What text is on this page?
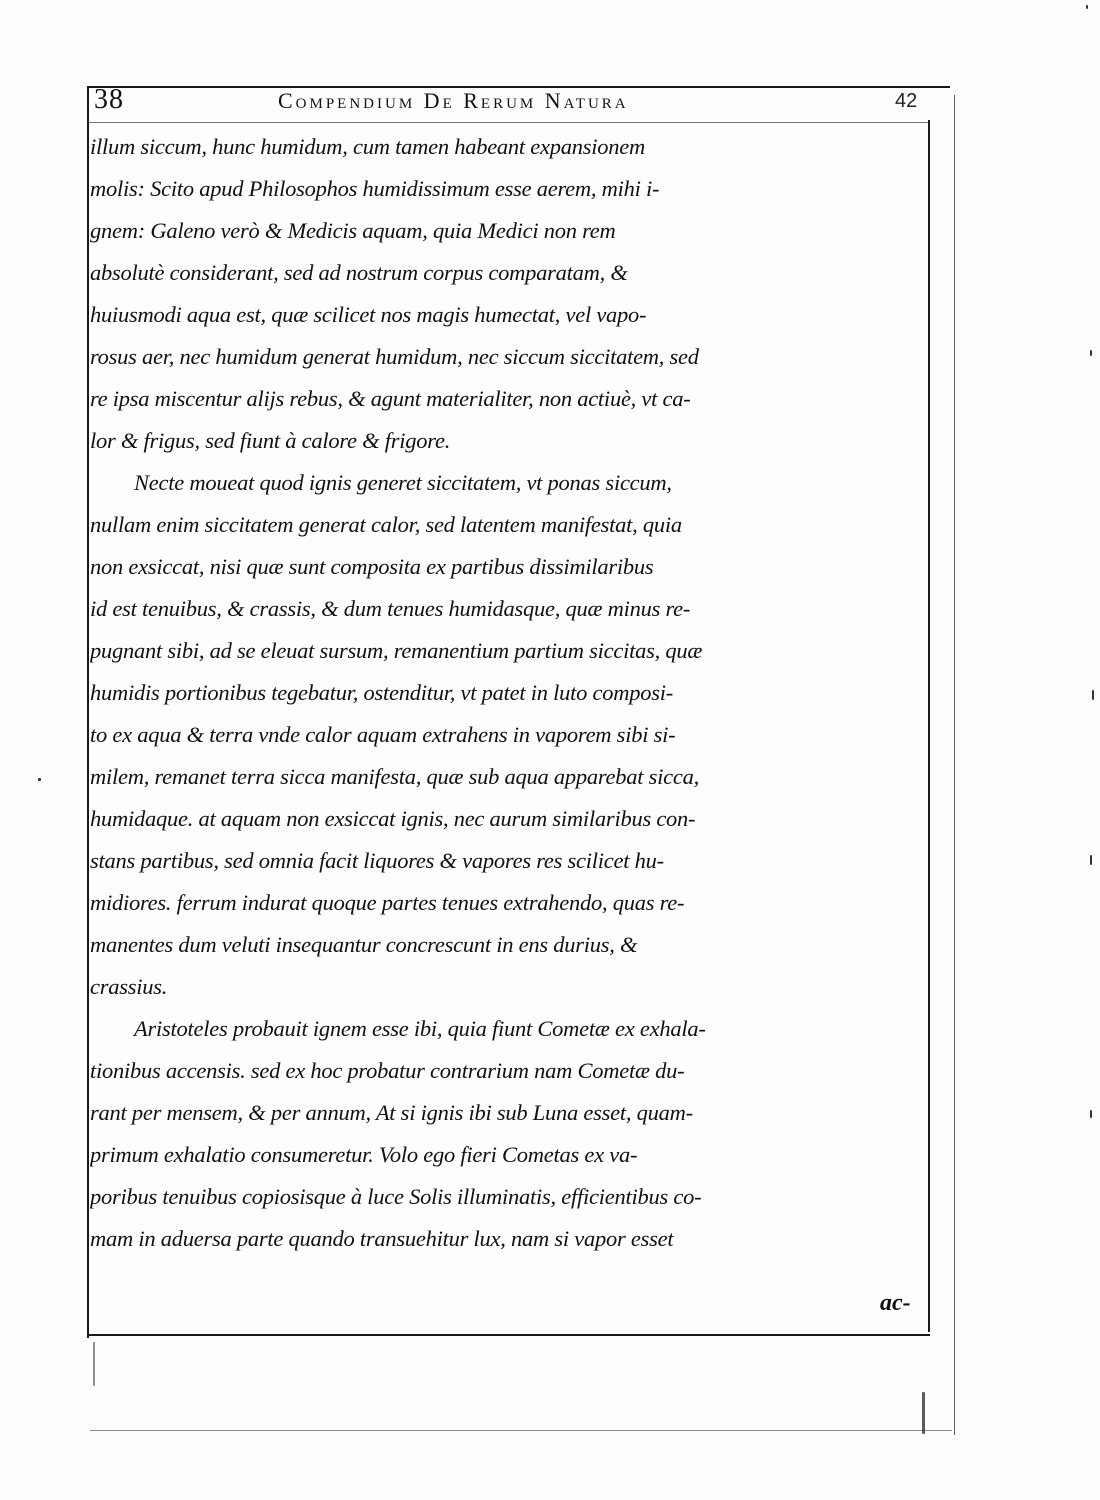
38	Compendium De Rerum Natura	42
illum siccum, hunc humidum, cum tamen habeant expansionem
molis: Scito apud Philosophos humidissimum esse aerem, mihi i-
gnem: Galeno verò & Medicis aquam, quia Medici non rem
absolutè considerant, sed ad nostrum corpus comparatam, &
huiusmodi aqua est, quæ scilicet nos magis humectat, vel vapo-
rosus aer, nec humidum generat humidum, nec siccum siccitatem, sed
re ipsa miscentur alijs rebus, & agunt materialiter, non actiuè, vt ca-
lor & frigus, sed fiunt à calore & frigore.
Necte moueat quod ignis generet siccitatem, vt ponas siccum,
nullam enim siccitatem generat calor, sed latentem manifestat, quia
non exsiccat, nisi quæ sunt composita ex partibus dissimilaribus
id est tenuibus, & crassis, & dum tenues humidasque, quæ minus re-
pugnant sibi, ad se eleuat sursum, remanentium partium siccitas, quæ
humidis portionibus tegebatur, ostenditur, vt patet in luto composi-
to ex aqua & terra vnde calor aquam extrahens in vaporem sibi si-
milem, remanet terra sicca manifesta, quæ sub aqua apparebat sicca,
humidaque. at aquam non exsiccat ignis, nec aurum similaribus con-
stans partibus, sed omnia facit liquores & vapores res scilicet hu-
midiores. ferrum indurat quoque partes tenues extrahendo, quas re-
manentes dum veluti insequantur concrescunt in ens durius, &
crassius.
Aristoteles probauit ignem esse ibi, quia fiunt Cometæ ex exhala-
tionibus accensis. sed ex hoc probatur contrarium nam Cometæ du-
rant per mensem, & per annum, At si ignis ibi sub Luna esset, quam-
primum exhalatio consumeretur. Volo ego fieri Cometas ex va-
poribus tenuibus copiosisque à luce Solis illuminatis, efficientibus co-
mam in aduersa parte quando transuehitur lux, nam si vapor esset
ac-
